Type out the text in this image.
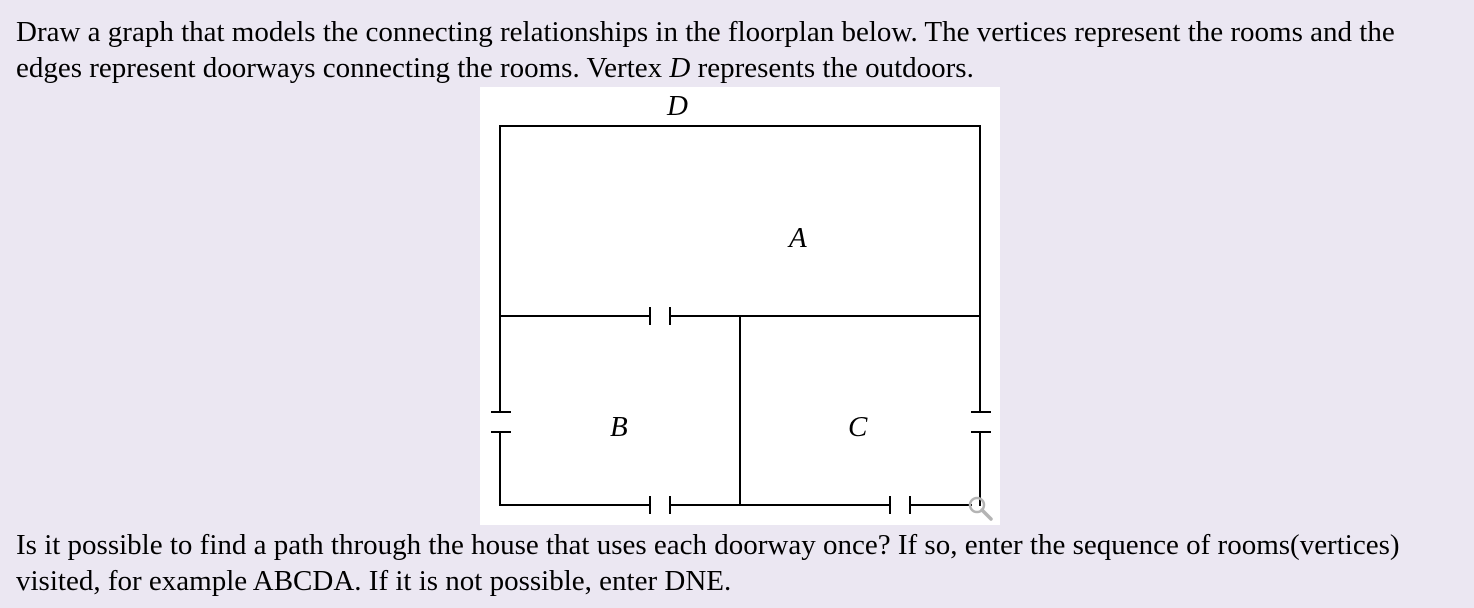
Draw a graph that models the connecting relationships in the floorplan below. The vertices represent the rooms and the edges represent doorways connecting the rooms. Vertex D represents the outdoors.

D
A
B	C

Is it possible to find a path through the house that uses each doorway once? If so, enter the sequence of rooms(vertices) visited, for example ABCDA. If it is not possible, enter DNE.
